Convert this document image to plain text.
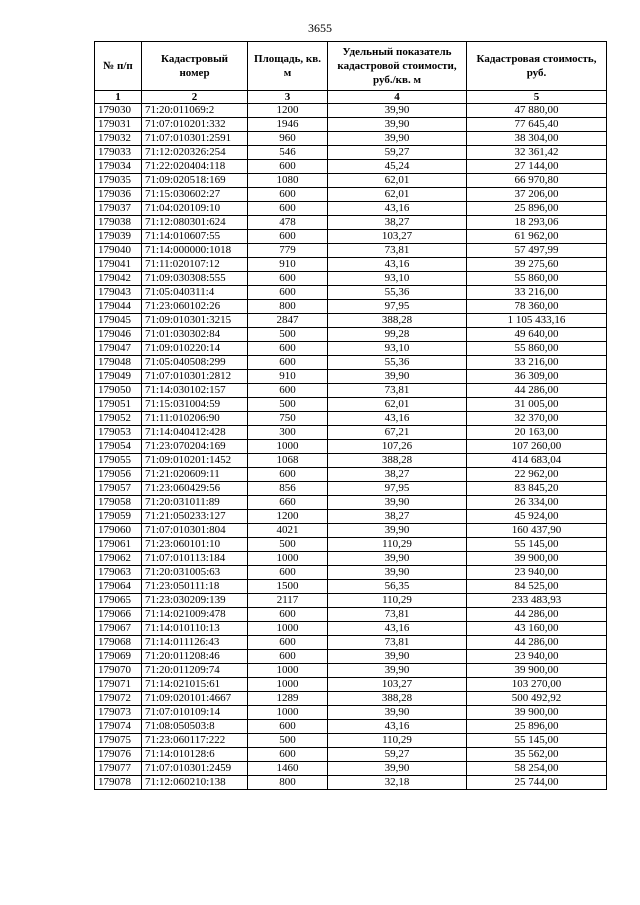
3655
№ п/п	Кадастровый номер	Площадь, кв. м	Удельный показатель кадастровой стоимости, руб./кв. м	Кадастровая стоимость, руб.
1	2	3	4	5
179030	71:20:011069:2	1200	39,90	47 880,00
179031	71:07:010201:332	1946	39,90	77 645,40
179032	71:07:010301:2591	960	39,90	38 304,00
179033	71:12:020326:254	546	59,27	32 361,42
179034	71:22:020404:118	600	45,24	27 144,00
179035	71:09:020518:169	1080	62,01	66 970,80
179036	71:15:030602:27	600	62,01	37 206,00
179037	71:04:020109:10	600	43,16	25 896,00
179038	71:12:080301:624	478	38,27	18 293,06
179039	71:14:010607:55	600	103,27	61 962,00
179040	71:14:000000:1018	779	73,81	57 497,99
179041	71:11:020107:12	910	43,16	39 275,60
179042	71:09:030308:555	600	93,10	55 860,00
179043	71:05:040311:4	600	55,36	33 216,00
179044	71:23:060102:26	800	97,95	78 360,00
179045	71:09:010301:3215	2847	388,28	1 105 433,16
179046	71:01:030302:84	500	99,28	49 640,00
179047	71:09:010220:14	600	93,10	55 860,00
179048	71:05:040508:299	600	55,36	33 216,00
179049	71:07:010301:2812	910	39,90	36 309,00
179050	71:14:030102:157	600	73,81	44 286,00
179051	71:15:031004:59	500	62,01	31 005,00
179052	71:11:010206:90	750	43,16	32 370,00
179053	71:14:040412:428	300	67,21	20 163,00
179054	71:23:070204:169	1000	107,26	107 260,00
179055	71:09:010201:1452	1068	388,28	414 683,04
179056	71:21:020609:11	600	38,27	22 962,00
179057	71:23:060429:56	856	97,95	83 845,20
179058	71:20:031011:89	660	39,90	26 334,00
179059	71:21:050233:127	1200	38,27	45 924,00
179060	71:07:010301:804	4021	39,90	160 437,90
179061	71:23:060101:10	500	110,29	55 145,00
179062	71:07:010113:184	1000	39,90	39 900,00
179063	71:20:031005:63	600	39,90	23 940,00
179064	71:23:050111:18	1500	56,35	84 525,00
179065	71:23:030209:139	2117	110,29	233 483,93
179066	71:14:021009:478	600	73,81	44 286,00
179067	71:14:010110:13	1000	43,16	43 160,00
179068	71:14:011126:43	600	73,81	44 286,00
179069	71:20:011208:46	600	39,90	23 940,00
179070	71:20:011209:74	1000	39,90	39 900,00
179071	71:14:021015:61	1000	103,27	103 270,00
179072	71:09:020101:4667	1289	388,28	500 492,92
179073	71:07:010109:14	1000	39,90	39 900,00
179074	71:08:050503:8	600	43,16	25 896,00
179075	71:23:060117:222	500	110,29	55 145,00
179076	71:14:010128:6	600	59,27	35 562,00
179077	71:07:010301:2459	1460	39,90	58 254,00
179078	71:12:060210:138	800	32,18	25 744,00
